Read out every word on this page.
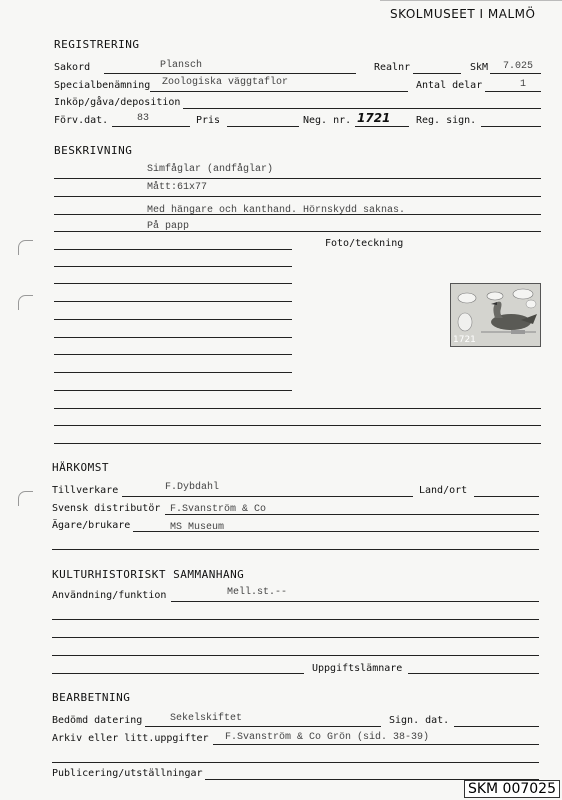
SKOLMUSEET I MALMÖ
REGISTRERING
Sakord	Plansch	Realnr	SkM 7.025
Specialbenämning Zoologiska väggtaflor	Antal delar	1
Inköp/gåva/deposition
Förv.dat.	83	Pris	Neg. nr. 1721	Reg. sign.
BESKRIVNING
Simfåglar (andfåglar)
Mått:61x77
Med hängare och kanthand. Hörnskydd saknas.
På papp
Foto/teckning
1721
HÄRKOMST
Tillverkare	F.Dybdahl	Land/ort
Svensk distributör F.Svanström & Co
Ägare/brukare	MS Museum
KULTURHISTORISKT SAMMANHANG
Användning/funktion	Mell.st.--
Uppgiftslämnare
BEARBETNING
Bedömd datering	Sekelskiftet	Sign. dat.
Arkiv eller litt.uppgifter F.Svanström & Co Grön (sid. 38-39)
Publicering/utställningar
SKM 007025
